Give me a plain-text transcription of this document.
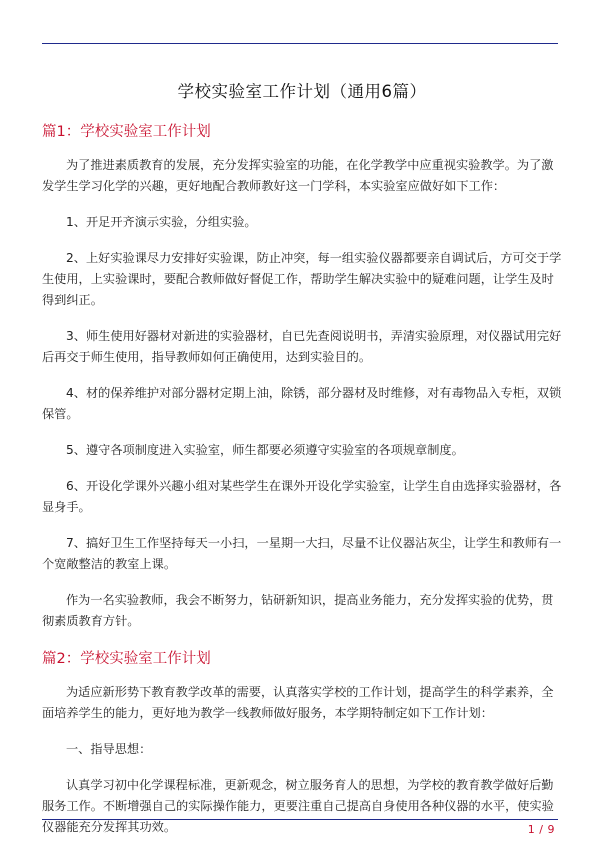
学校实验室工作计划（通用6篇）
篇1：学校实验室工作计划

为了推进素质教育的发展，充分发挥实验室的功能，在化学教学中应重视实验教学。为了激发学生学习化学的兴趣，更好地配合教师教好这一门学科，本实验室应做好如下工作：

1、开足开齐演示实验，分组实验。

2、上好实验课尽力安排好实验课，防止冲突，每一组实验仪器都要亲自调试后，方可交于学生使用，上实验课时，要配合教师做好督促工作，帮助学生解决实验中的疑难问题，让学生及时得到纠正。

3、师生使用好器材对新进的实验器材，自已先查阅说明书，弄清实验原理，对仪器试用完好后再交于师生使用，指导教师如何正确使用，达到实验目的。

4、材的保养维护对部分器材定期上油，除锈，部分器材及时维修，对有毒物品入专柜，双锁保管。

5、遵守各项制度进入实验室，师生都要必须遵守实验室的各项规章制度。

6、开设化学课外兴趣小组对某些学生在课外开设化学实验室，让学生自由选择实验器材，各显身手。

7、搞好卫生工作坚持每天一小扫，一星期一大扫，尽量不让仪器沾灰尘，让学生和教师有一个宽敞整洁的教室上课。

作为一名实验教师，我会不断努力，钻研新知识，提高业务能力，充分发挥实验的优势，贯彻素质教育方针。

篇2：学校实验室工作计划

为适应新形势下教育教学改革的需要，认真落实学校的工作计划，提高学生的科学素养，全面培养学生的能力，更好地为教学一线教师做好服务，本学期特制定如下工作计划：

一、指导思想：

认真学习初中化学课程标准，更新观念，树立服务育人的思想，为学校的教育教学做好后勤服务工作。不断增强自己的实际操作能力，更要注重自己提高自身使用各种仪器的水平，使实验仪器能充分发挥其功效。	1 / 9
